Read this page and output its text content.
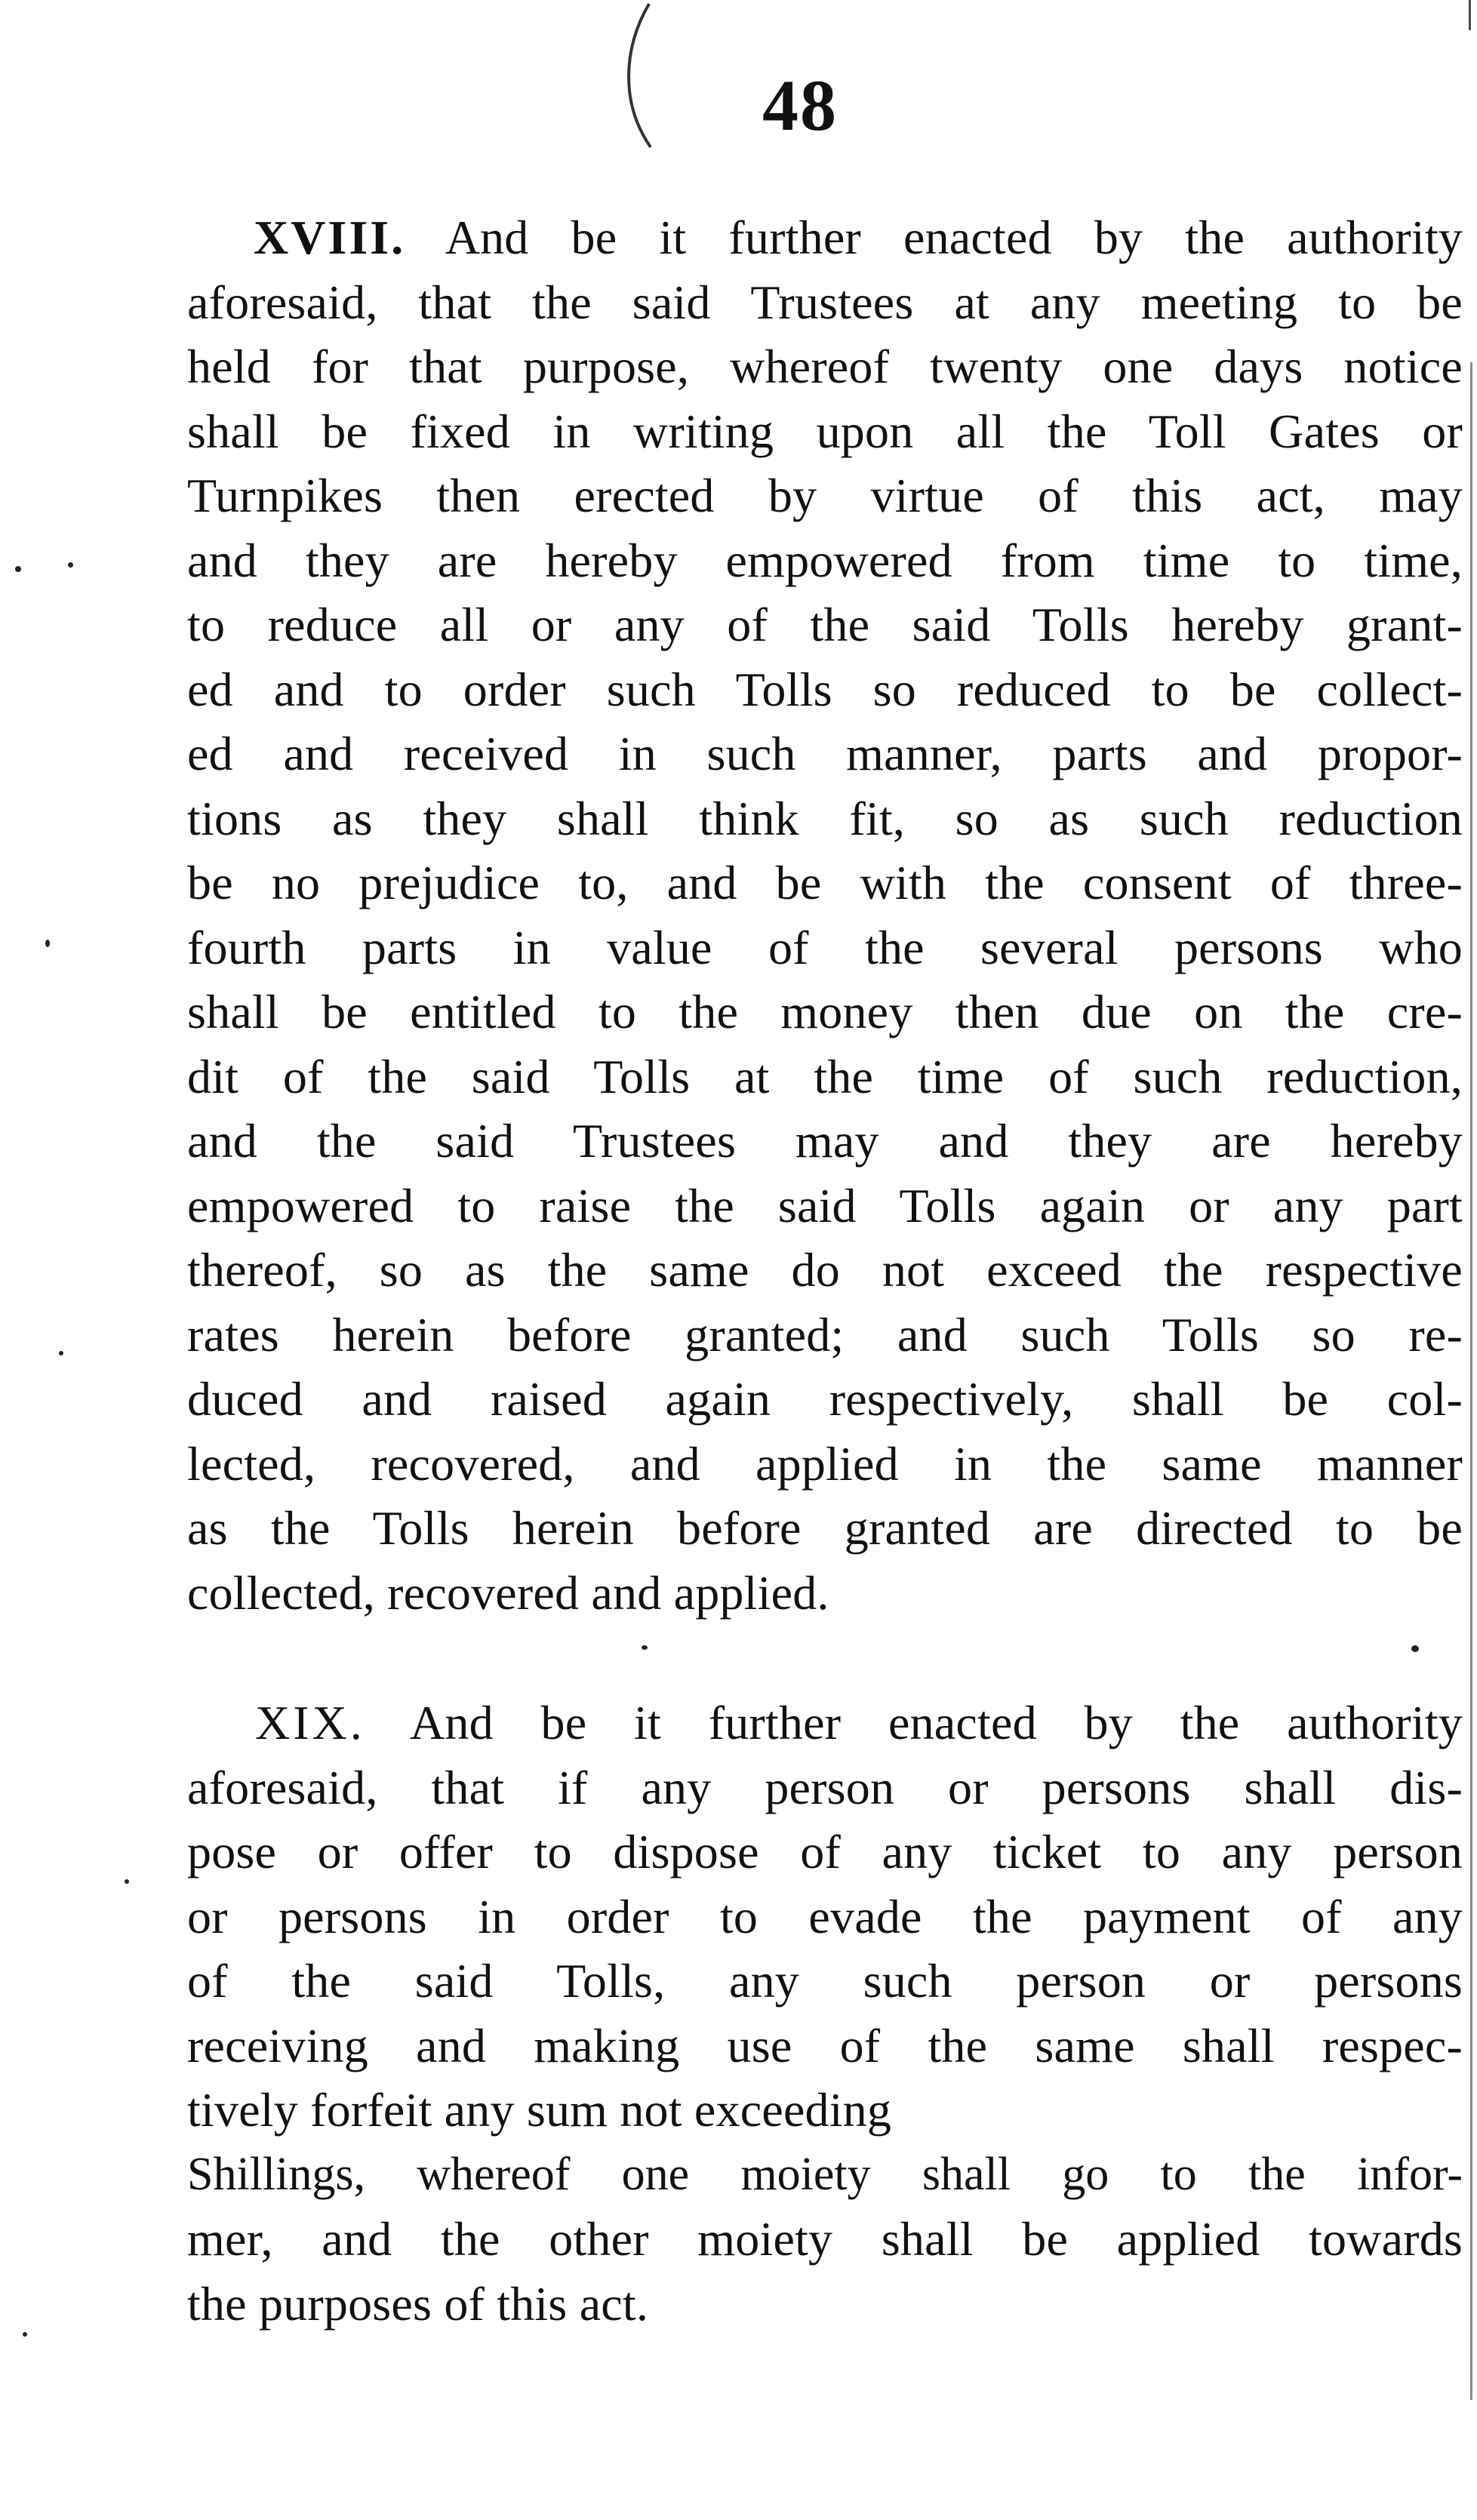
48
XVIII. And be it further enacted by the authority
aforesaid, that the said Trustees at any meeting to be
held for that purpose, whereof twenty one days notice
shall be fixed in writing upon all the Toll Gates or
Turnpikes then erected by virtue of this act, may
and they are hereby empowered from time to time,
to reduce all or any of the said Tolls hereby grant-
ed and to order such Tolls so reduced to be collect-
ed and received in such manner, parts and propor-
tions as they shall think fit, so as such reduction
be no prejudice to, and be with the consent of three-
fourth parts in value of the several persons who
shall be entitled to the money then due on the cre-
dit of the said Tolls at the time of such reduction,
and the said Trustees may and they are hereby
empowered to raise the said Tolls again or any part
thereof, so as the same do not exceed the respective
rates herein before granted; and such Tolls so re-
duced and raised again respectively, shall be col-
lected, recovered, and applied in the same manner
as the Tolls herein before granted are directed to be
collected, recovered and applied.
XIX. And be it further enacted by the authority
aforesaid, that if any person or persons shall dis-
pose or offer to dispose of any ticket to any person
or persons in order to evade the payment of any
of the said Tolls, any such person or persons
receiving and making use of the same shall respec-
tively forfeit any sum not exceeding
Shillings, whereof one moiety shall go to the infor-
mer, and the other moiety shall be applied towards
the purposes of this act.
